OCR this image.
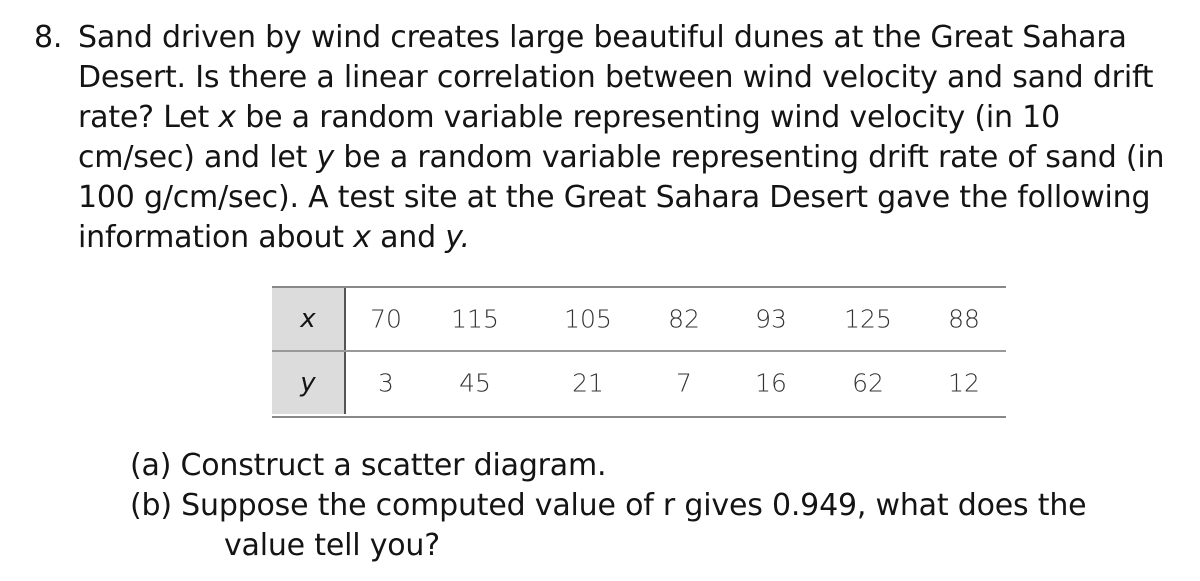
8. Sand driven by wind creates large beautiful dunes at the Great Sahara
Desert. Is there a linear correlation between wind velocity and sand drift
rate? Let x be a random variable representing wind velocity (in 10
cm/sec) and let y be a random variable representing drift rate of sand (in
100 g/cm/sec). A test site at the Great Sahara Desert gave the following
information about x and y.
x	70	115	105	82	93	125	88
y	3	45	21	7	16	62	12
(a) Construct a scatter diagram.
(b) Suppose the computed value of r gives 0.949, what does the
value tell you?
